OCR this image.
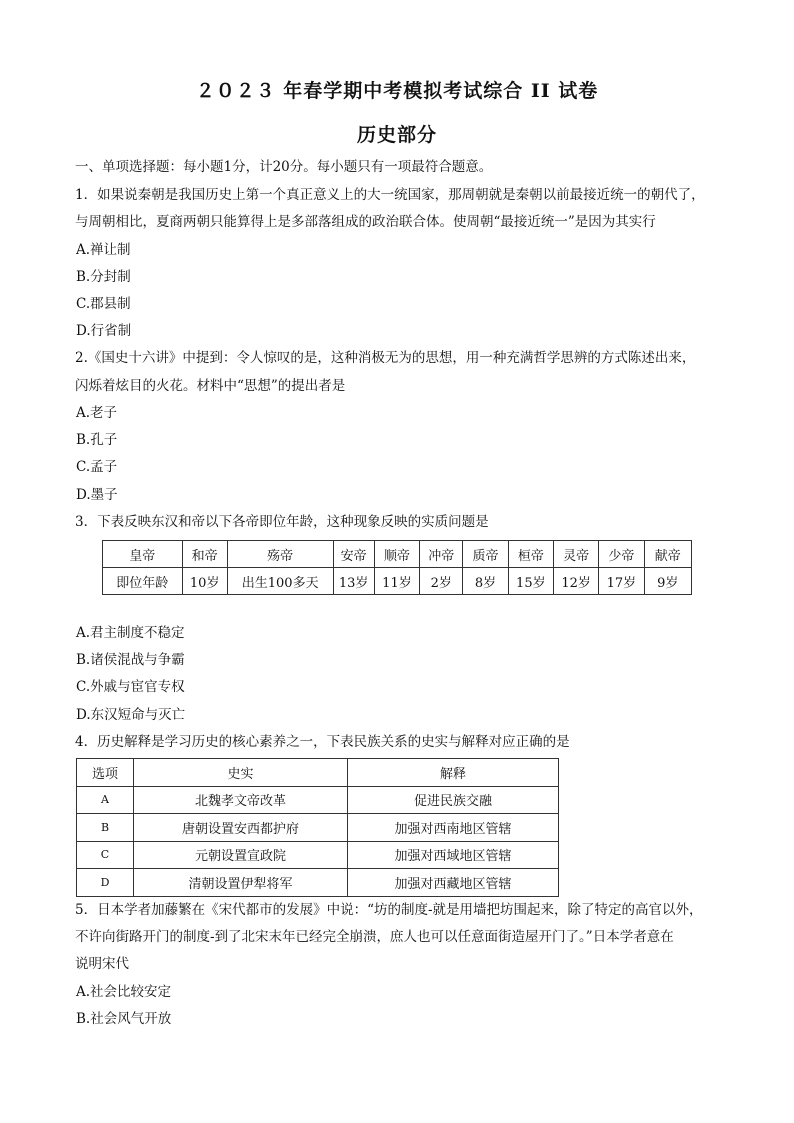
２０２３ 年春学期中考模拟考试综合 II 试卷
历史部分
一、单项选择题：每小题1分，计20分。每小题只有一项最符合题意。
1．如果说秦朝是我国历史上第一个真正意义上的大一统国家，那周朝就是秦朝以前最接近统一的朝代了，
与周朝相比，夏商两朝只能算得上是多部落组成的政治联合体。使周朝“最接近统一”是因为其实行
A.禅让制
B.分封制
C.郡县制
D.行省制
2.《国史十六讲》中提到：令人惊叹的是，这种消极无为的思想，用一种充满哲学思辨的方式陈述出来，
闪烁着炫目的火花。材料中“思想”的提出者是
A.老子
B.孔子
C.孟子
D.墨子
3．下表反映东汉和帝以下各帝即位年龄，这种现象反映的实质问题是
皇帝	和帝	殇帝	安帝	顺帝	冲帝	质帝	桓帝	灵帝	少帝	献帝
即位年龄	10岁	出生100多天	13岁	11岁	2岁	8岁	15岁	12岁	17岁	9岁
A.君主制度不稳定
B.诸侯混战与争霸
C.外戚与宦官专权
D.东汉短命与灭亡
4．历史解释是学习历史的核心素养之一，下表民族关系的史实与解释对应正确的是
选项	史实	解释
A	北魏孝文帝改革	促进民族交融
B	唐朝设置安西都护府	加强对西南地区管辖
C	元朝设置宣政院	加强对西域地区管辖
D	清朝设置伊犁将军	加强对西藏地区管辖
5．日本学者加藤繁在《宋代都市的发展》中说：“坊的制度-就是用墙把坊围起来，除了特定的高官以外，
不许向街路开门的制度-到了北宋末年已经完全崩溃，庶人也可以任意面街造屋开门了。”日本学者意在
说明宋代
A.社会比较安定
B.社会风气开放
